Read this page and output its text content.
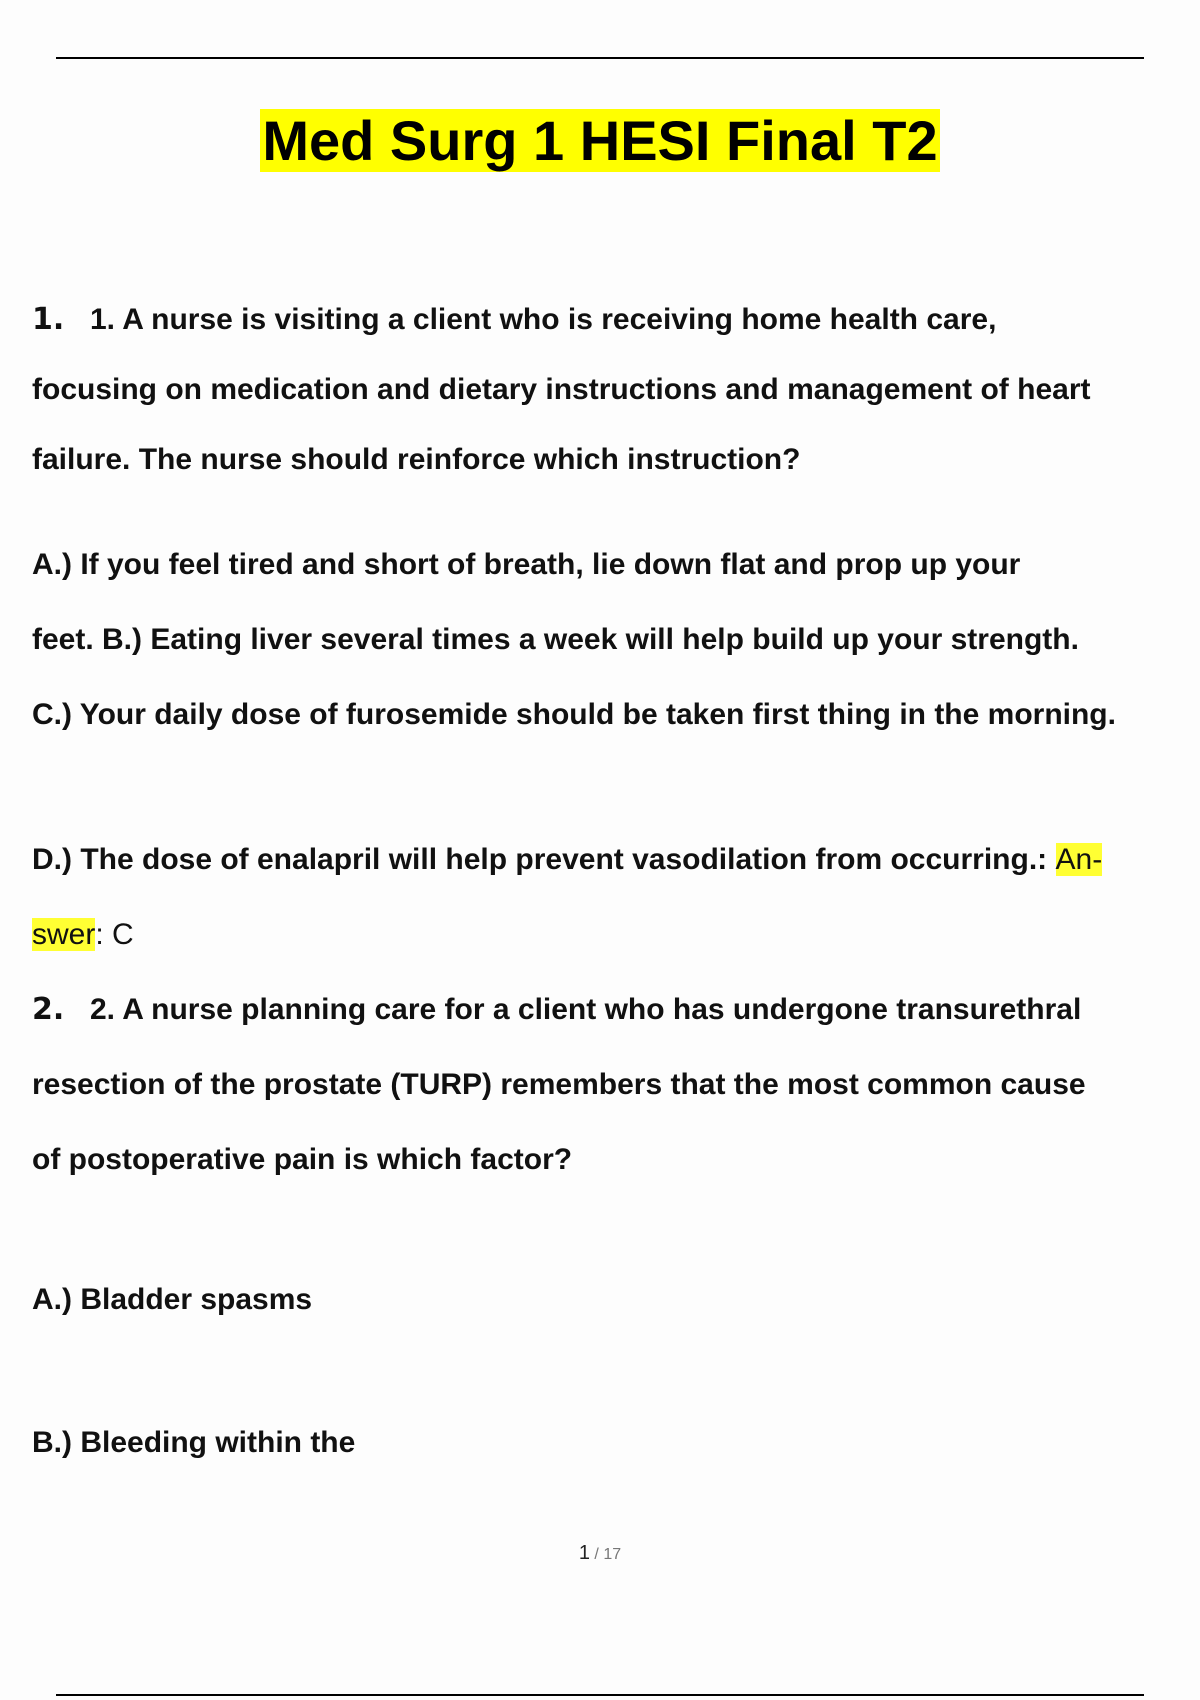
Med Surg 1 HESI Final T2
1. 1. A nurse is visiting a client who is receiving home health care,
focusing on medication and dietary instructions and management of heart
failure. The nurse should reinforce which instruction?
A.) If you feel tired and short of breath, lie down flat and prop up your
feet. B.) Eating liver several times a week will help build up your strength.
C.) Your daily dose of furosemide should be taken first thing in the morning.
D.) The dose of enalapril will help prevent vasodilation from occurring.: An-
swer: C
2. 2. A nurse planning care for a client who has undergone transurethral
resection of the prostate (TURP) remembers that the most common cause
of postoperative pain is which factor?
A.) Bladder spasms
B.) Bleeding within the
1 / 17
